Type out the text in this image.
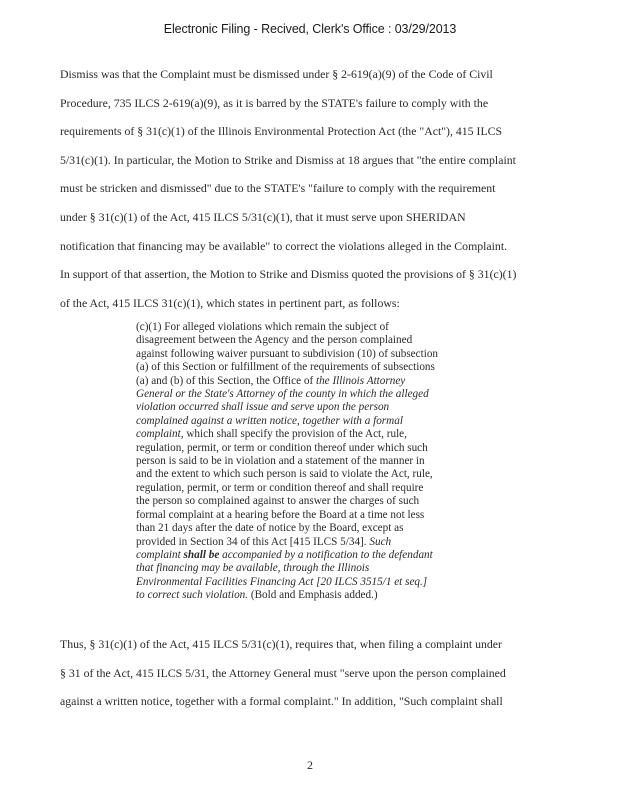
Electronic Filing - Recived, Clerk's Office : 03/29/2013

Dismiss was that the Complaint must be dismissed under § 2-619(a)(9) of the Code of Civil

Procedure, 735 ILCS 2-619(a)(9), as it is barred by the STATE's failure to comply with the

requirements of § 31(c)(1) of the Illinois Environmental Protection Act (the "Act"), 415 ILCS

5/31(c)(1). In particular, the Motion to Strike and Dismiss at 18 argues that "the entire complaint

must be stricken and dismissed" due to the STATE's "failure to comply with the requirement

under § 31(c)(1) of the Act, 415 ILCS 5/31(c)(1), that it must serve upon SHERIDAN

notification that financing may be available" to correct the violations alleged in the Complaint.

In support of that assertion, the Motion to Strike and Dismiss quoted the provisions of § 31(c)(1)

of the Act, 415 ILCS 31(c)(1), which states in pertinent part, as follows:

(c)(1) For alleged violations which remain the subject of

disagreement between the Agency and the person complained

against following waiver pursuant to subdivision (10) of subsection

(a) of this Section or fulfillment of the requirements of subsections

(a) and (b) of this Section, the Office of the Illinois Attorney

General or the State's Attorney of the county in which the alleged

violation occurred shall issue and serve upon the person

complained against a written notice, together with a formal

complaint, which shall specify the provision of the Act, rule,

regulation, permit, or term or condition thereof under which such

person is said to be in violation and a statement of the manner in

and the extent to which such person is said to violate the Act, rule,

regulation, permit, or term or condition thereof and shall require

the person so complained against to answer the charges of such

formal complaint at a hearing before the Board at a time not less

than 21 days after the date of notice by the Board, except as

provided in Section 34 of this Act [415 ILCS 5/34]. Such

complaint shall be accompanied by a notification to the defendant

that financing may be available, through the Illinois

Environmental Facilities Financing Act [20 ILCS 3515/1 et seq.]

to correct such violation. (Bold and Emphasis added.)

Thus, § 31(c)(1) of the Act, 415 ILCS 5/31(c)(1), requires that, when filing a complaint under

§ 31 of the Act, 415 ILCS 5/31, the Attorney General must "serve upon the person complained

against a written notice, together with a formal complaint." In addition, "Such complaint shall

2
